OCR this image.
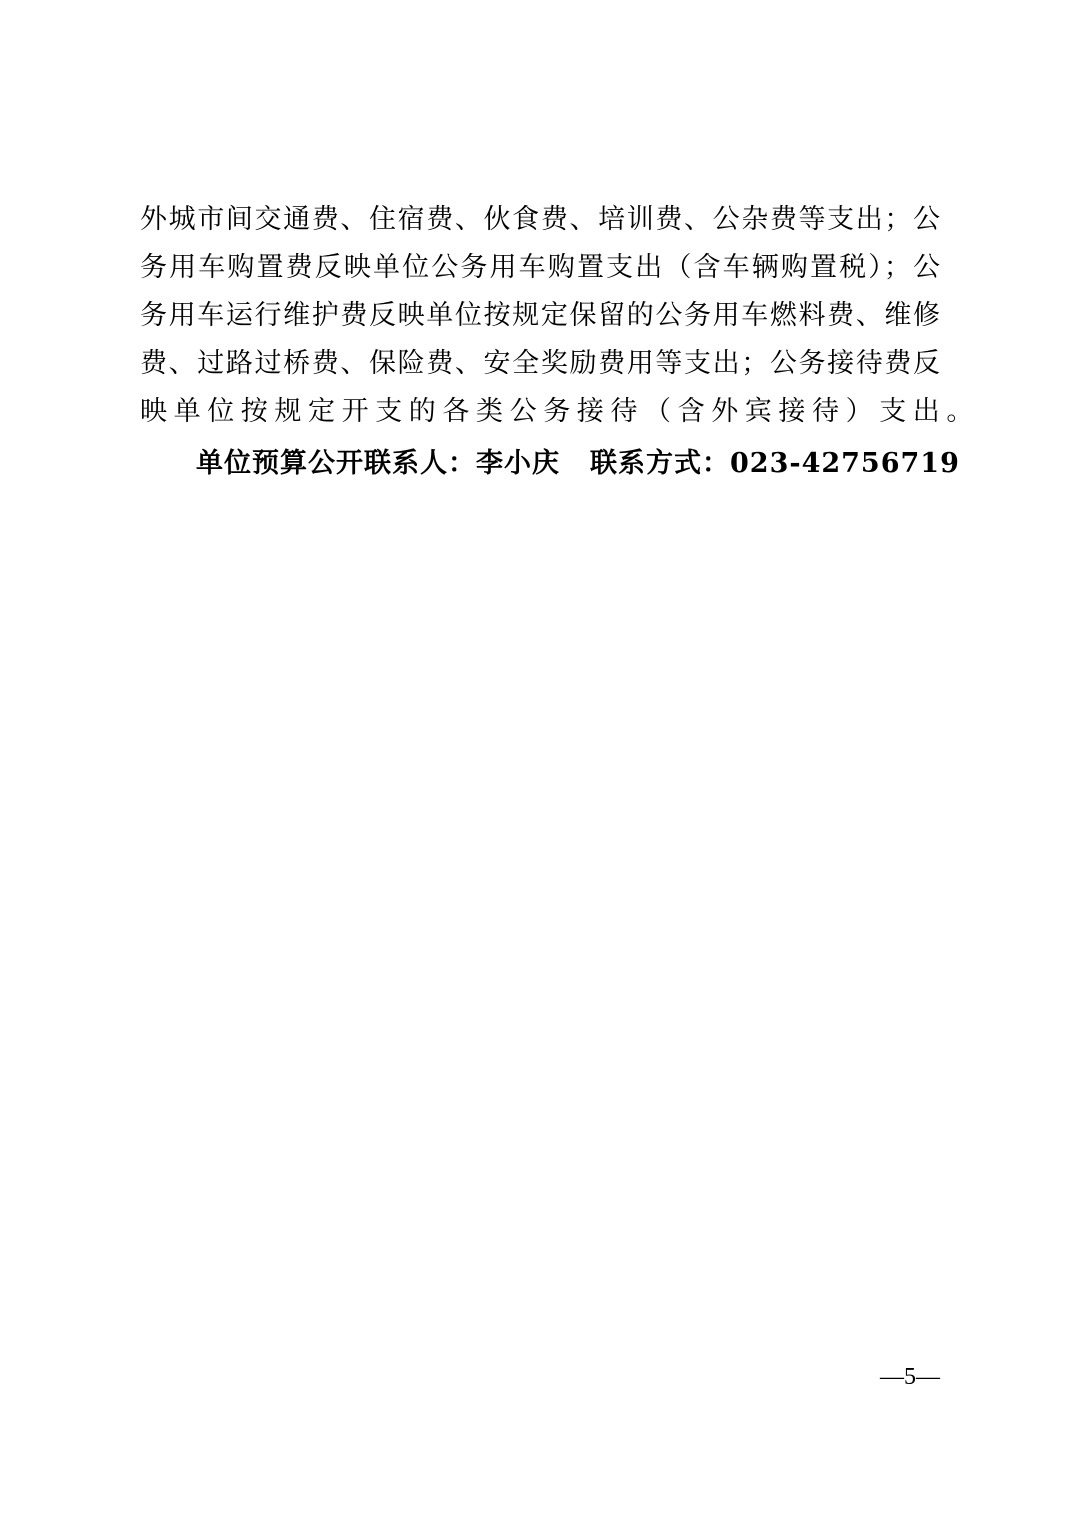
外城市间交通费、住宿费、伙食费、培训费、公杂费等支出；公
务用车购置费反映单位公务用车购置支出（含车辆购置税）；公
务用车运行维护费反映单位按规定保留的公务用车燃料费、维修
费、过路过桥费、保险费、安全奖励费用等支出；公务接待费反
映单位按规定开支的各类公务接待（含外宾接待）支出。
单位预算公开联系人：李小庆 联系方式：023-42756719
—5—
